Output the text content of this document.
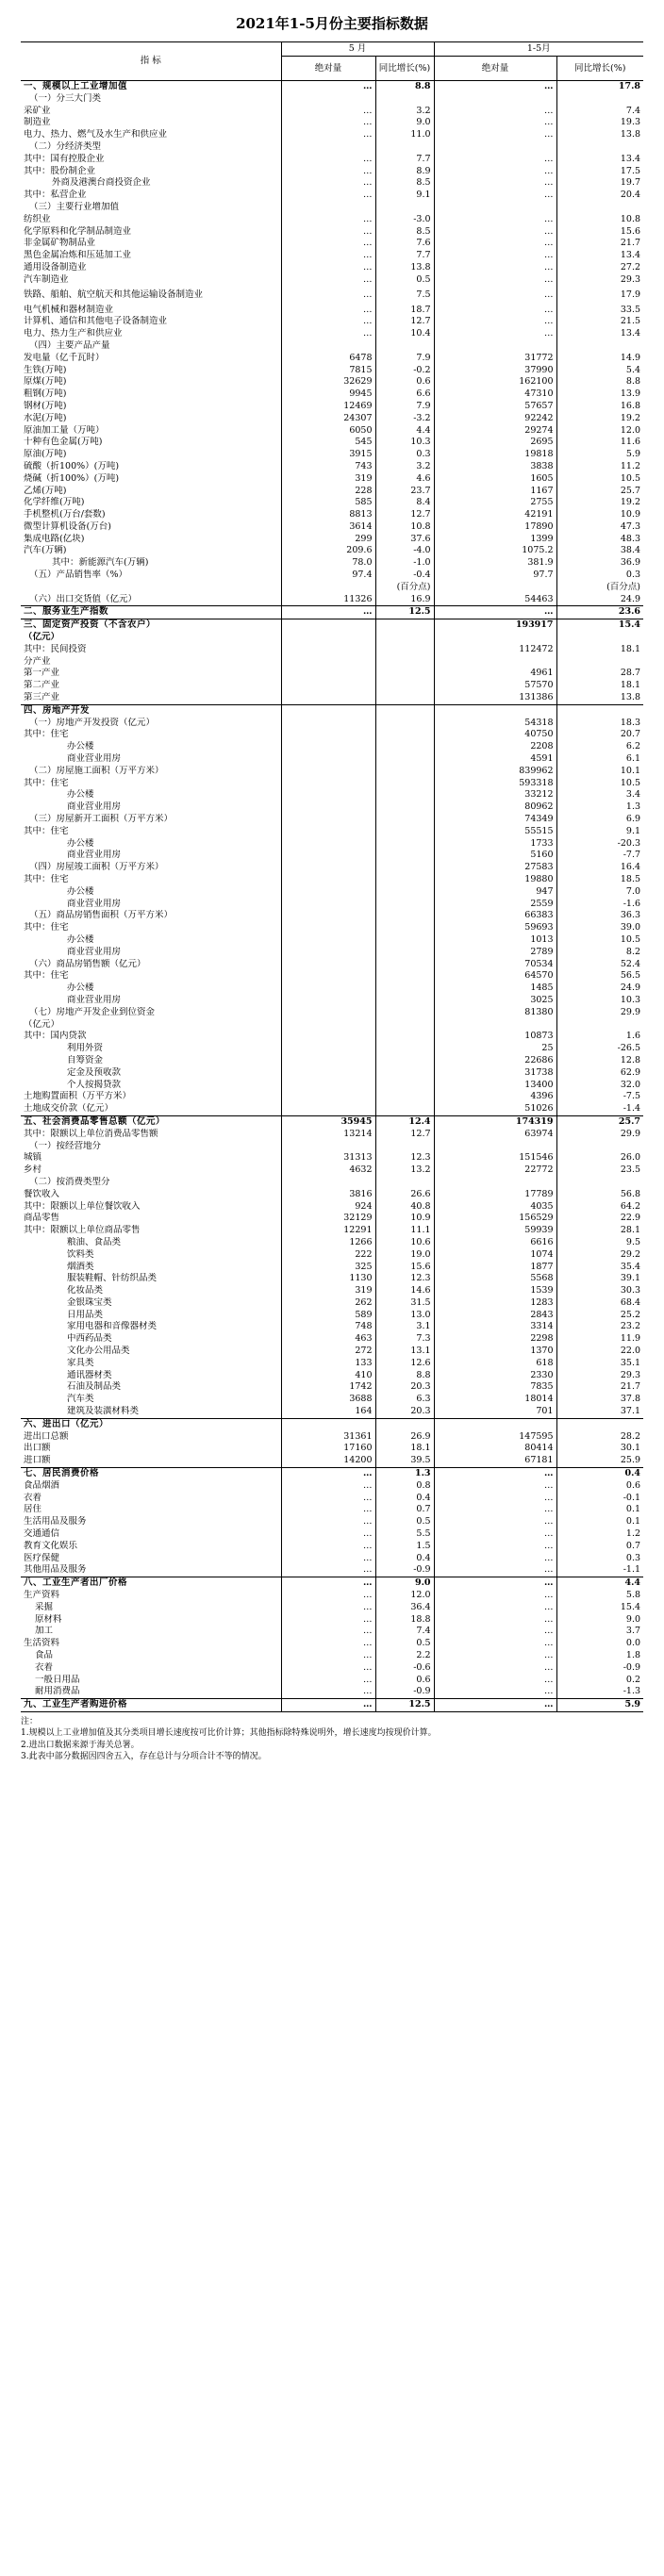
2021年1-5月份主要指标数据
指 标	5 月		1-5月	
	绝对量	同比增长(%)	绝对量	同比增长(%)
一、规模以上工业增加值	…	8.8	…	17.8
（一）分三大门类				
采矿业	…	3.2	…	7.4
制造业	…	9.0	…	19.3
电力、热力、燃气及水生产和供应业	…	11.0	…	13.8
（二）分经济类型				
其中：国有控股企业	…	7.7	…	13.4
其中：股份制企业	…	8.9	…	17.5
外商及港澳台商投资企业	…	8.5	…	19.7
其中：私营企业	…	9.1	…	20.4
（三）主要行业增加值				
纺织业	…	-3.0	…	10.8
化学原料和化学制品制造业	…	8.5	…	15.6
非金属矿物制品业	…	7.6	…	21.7
黑色金属冶炼和压延加工业	…	7.7	…	13.4
通用设备制造业	…	13.8	…	27.2
汽车制造业	…	0.5	…	29.3
铁路、船舶、航空航天和其他运输设备制造业	…	7.5	…	17.9
电气机械和器材制造业	…	18.7	…	33.5
计算机、通信和其他电子设备制造业	…	12.7	…	21.5
电力、热力生产和供应业	…	10.4	…	13.4
（四）主要产品产量				
发电量（亿千瓦时）	6478	7.9	31772	14.9
生铁(万吨)	7815	-0.2	37990	5.4
原煤(万吨)	32629	0.6	162100	8.8
粗钢(万吨)	9945	6.6	47310	13.9
钢材(万吨)	12469	7.9	57657	16.8
水泥(万吨)	24307	-3.2	92242	19.2
原油加工量（万吨）	6050	4.4	29274	12.0
十种有色金属(万吨)	545	10.3	2695	11.6
原油(万吨)	3915	0.3	19818	5.9
硫酸（折100%）(万吨)	743	3.2	3838	11.2
烧碱（折100%）(万吨)	319	4.6	1605	10.5
乙烯(万吨)	228	23.7	1167	25.7
化学纤维(万吨)	585	8.4	2755	19.2
手机整机(万台/套数)	8813	12.7	42191	10.9
微型计算机设备(万台)	3614	10.8	17890	47.3
集成电路(亿块)	299	37.6	1399	48.3
汽车(万辆)	209.6	-4.0	1075.2	38.4
其中：新能源汽车(万辆)	78.0	-1.0	381.9	36.9
（五）产品销售率（%）	97.4	-0.4	97.7	0.3
		(百分点)		(百分点)
（六）出口交货值（亿元）	11326	16.9	54463	24.9
二、服务业生产指数	…	12.5	…	23.6
三、固定资产投资（不含农户）			193917	15.4
（亿元）				
其中：民间投资			112472	18.1
分产业				
第一产业			4961	28.7
第二产业			57570	18.1
第三产业			131386	13.8
四、房地产开发				
（一）房地产开发投资（亿元）			54318	18.3
其中：住宅			40750	20.7
办公楼			2208	6.2
商业营业用房			4591	6.1
（二）房屋施工面积（万平方米）			839962	10.1
其中：住宅			593318	10.5
办公楼			33212	3.4
商业营业用房			80962	1.3
（三）房屋新开工面积（万平方米）			74349	6.9
其中：住宅			55515	9.1
办公楼			1733	-20.3
商业营业用房			5160	-7.7
（四）房屋竣工面积（万平方米）			27583	16.4
其中：住宅			19880	18.5
办公楼			947	7.0
商业营业用房			2559	-1.6
（五）商品房销售面积（万平方米）			66383	36.3
其中：住宅			59693	39.0
办公楼			1013	10.5
商业营业用房			2789	8.2
（六）商品房销售额（亿元）			70534	52.4
其中：住宅			64570	56.5
办公楼			1485	24.9
商业营业用房			3025	10.3
（七）房地产开发企业到位资金			81380	29.9
（亿元）				
其中：国内贷款			10873	1.6
利用外资			25	-26.5
自筹资金			22686	12.8
定金及预收款			31738	62.9
个人按揭贷款			13400	32.0
土地购置面积（万平方米）			4396	-7.5
土地成交价款（亿元）			51026	-1.4
五、社会消费品零售总额（亿元）	35945	12.4	174319	25.7
其中：限额以上单位消费品零售额	13214	12.7	63974	29.9
（一）按经营地分				
城镇	31313	12.3	151546	26.0
乡村	4632	13.2	22772	23.5
（二）按消费类型分				
餐饮收入	3816	26.6	17789	56.8
其中：限额以上单位餐饮收入	924	40.8	4035	64.2
商品零售	32129	10.9	156529	22.9
其中：限额以上单位商品零售	12291	11.1	59939	28.1
粮油、食品类	1266	10.6	6616	9.5
饮料类	222	19.0	1074	29.2
烟酒类	325	15.6	1877	35.4
服装鞋帽、针纺织品类	1130	12.3	5568	39.1
化妆品类	319	14.6	1539	30.3
金银珠宝类	262	31.5	1283	68.4
日用品类	589	13.0	2843	25.2
家用电器和音像器材类	748	3.1	3314	23.2
中西药品类	463	7.3	2298	11.9
文化办公用品类	272	13.1	1370	22.0
家具类	133	12.6	618	35.1
通讯器材类	410	8.8	2330	29.3
石油及制品类	1742	20.3	7835	21.7
汽车类	3688	6.3	18014	37.8
建筑及装潢材料类	164	20.3	701	37.1
六、进出口（亿元）				
进出口总额	31361	26.9	147595	28.2
出口额	17160	18.1	80414	30.1
进口额	14200	39.5	67181	25.9
七、居民消费价格	…	1.3	…	0.4
食品烟酒	…	0.8	…	0.6
衣着	…	0.4	…	-0.1
居住	…	0.7	…	0.1
生活用品及服务	…	0.5	…	0.1
交通通信	…	5.5	…	1.2
教育文化娱乐	…	1.5	…	0.7
医疗保健	…	0.4	…	0.3
其他用品及服务	…	-0.9	…	-1.1
八、工业生产者出厂价格	…	9.0	…	4.4
生产资料	…	12.0	…	5.8
采掘	…	36.4	…	15.4
原材料	…	18.8	…	9.0
加工	…	7.4	…	3.7
生活资料	…	0.5	…	0.0
食品	…	2.2	…	1.8
衣着	…	-0.6	…	-0.9
一般日用品	…	0.6	…	0.2
耐用消费品	…	-0.9	…	-1.3
九、工业生产者购进价格	…	12.5	…	5.9
注：
1.规模以上工业增加值及其分类项目增长速度按可比价计算；其他指标除特殊说明外，增长速度均按现价计算。
2.进出口数据来源于海关总署。
3.此表中部分数据因四舍五入，存在总计与分项合计不等的情况。
